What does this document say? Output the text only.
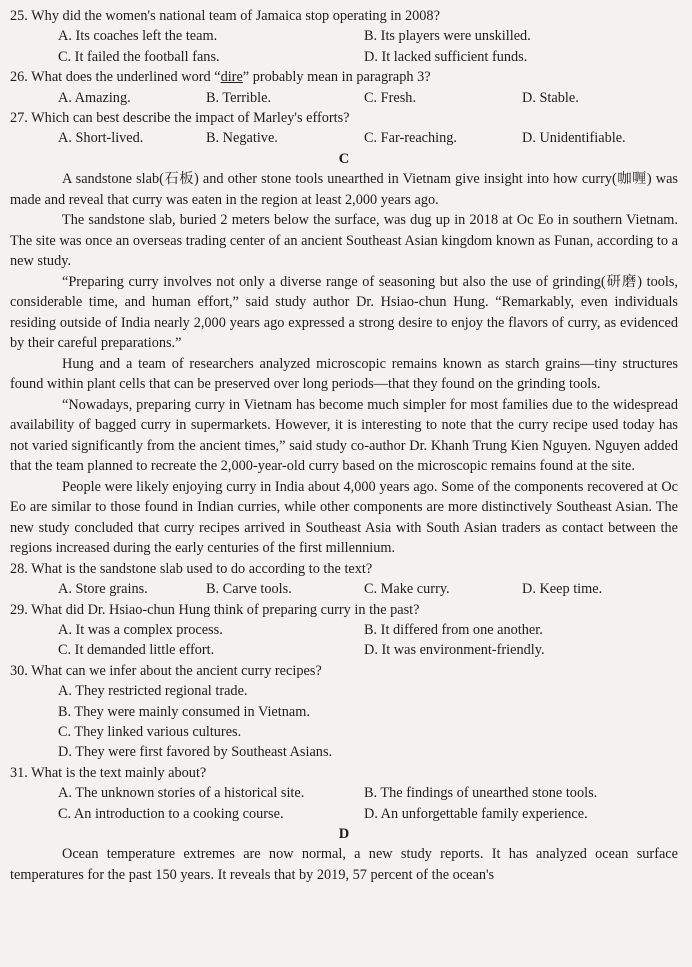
25. Why did the women's national team of Jamaica stop operating in 2008?
A. Its coaches left the team.	B. Its players were unskilled.
C. It failed the football fans.	D. It lacked sufficient funds.
26. What does the underlined word “dire” probably mean in paragraph 3?
A. Amazing.	B. Terrible.	C. Fresh.	D. Stable.
27. Which can best describe the impact of Marley's efforts?
A. Short-lived.	B. Negative.	C. Far-reaching.	D. Unidentifiable.
C
A sandstone slab(石板) and other stone tools unearthed in Vietnam give insight into how curry(咖喱) was made and reveal that curry was eaten in the region at least 2,000 years ago.
The sandstone slab, buried 2 meters below the surface, was dug up in 2018 at Oc Eo in southern Vietnam. The site was once an overseas trading center of an ancient Southeast Asian kingdom known as Funan, according to a new study.
“Preparing curry involves not only a diverse range of seasoning but also the use of grinding(研磨) tools, considerable time, and human effort,” said study author Dr. Hsiao-chun Hung. “Remarkably, even individuals residing outside of India nearly 2,000 years ago expressed a strong desire to enjoy the flavors of curry, as evidenced by their careful preparations.”
Hung and a team of researchers analyzed microscopic remains known as starch grains—tiny structures found within plant cells that can be preserved over long periods—that they found on the grinding tools.
“Nowadays, preparing curry in Vietnam has become much simpler for most families due to the widespread availability of bagged curry in supermarkets. However, it is interesting to note that the curry recipe used today has not varied significantly from the ancient times,” said study co-author Dr. Khanh Trung Kien Nguyen. Nguyen added that the team planned to recreate the 2,000-year-old curry based on the microscopic remains found at the site.
People were likely enjoying curry in India about 4,000 years ago. Some of the components recovered at Oc Eo are similar to those found in Indian curries, while other components are more distinctively Southeast Asian. The new study concluded that curry recipes arrived in Southeast Asia with South Asian traders as contact between the regions increased during the early centuries of the first millennium.
28. What is the sandstone slab used to do according to the text?
A. Store grains.	B. Carve tools.	C. Make curry.	D. Keep time.
29. What did Dr. Hsiao-chun Hung think of preparing curry in the past?
A. It was a complex process.	B. It differed from one another.
C. It demanded little effort.	D. It was environment-friendly.
30. What can we infer about the ancient curry recipes?
A. They restricted regional trade.
B. They were mainly consumed in Vietnam.
C. They linked various cultures.
D. They were first favored by Southeast Asians.
31. What is the text mainly about?
A. The unknown stories of a historical site.	B. The findings of unearthed stone tools.
C. An introduction to a cooking course.	D. An unforgettable family experience.
D
Ocean temperature extremes are now normal, a new study reports. It has analyzed ocean surface temperatures for the past 150 years. It reveals that by 2019, 57 percent of the ocean's
